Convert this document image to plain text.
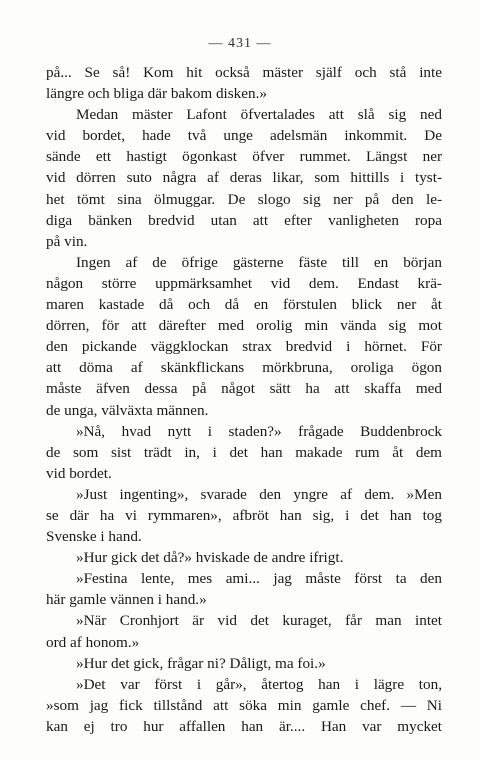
— 431 —
på... Se så! Kom hit också mäster själf och stå inte
längre och bliga där bakom disken.»
Medan mäster Lafont öfvertalades att slå sig ned
vid bordet, hade två unge adelsmän inkommit. De
sände ett hastigt ögonkast öfver rummet. Längst ner
vid dörren suto några af deras likar, som hittills i tyst-
het tömt sina ölmuggar. De slogo sig ner på den le-
diga bänken bredvid utan att efter vanligheten ropa
på vin.
Ingen af de öfrige gästerne fäste till en början
någon större uppmärksamhet vid dem. Endast krä-
maren kastade då och då en förstulen blick ner åt
dörren, för att därefter med orolig min vända sig mot
den pickande väggklockan strax bredvid i hörnet. För
att döma af skänkflickans mörkbruna, oroliga ögon
måste äfven dessa på något sätt ha att skaffa med
de unga, välväxta männen.
»Nå, hvad nytt i staden?» frågade Buddenbrock
de som sist trädt in, i det han makade rum åt dem
vid bordet.
»Just ingenting», svarade den yngre af dem. »Men
se där ha vi rymmaren», afbröt han sig, i det han tog
Svenske i hand.
»Hur gick det då?» hviskade de andre ifrigt.
»Festina lente, mes ami... jag måste först ta den
här gamle vännen i hand.»
»När Cronhjort är vid det kuraget, får man intet
ord af honom.»
»Hur det gick, frågar ni? Dåligt, ma foi.»
»Det var först i går», återtog han i lägre ton,
»som jag fick tillstånd att söka min gamle chef. — Ni
kan ej tro hur affallen han är.... Han var mycket
